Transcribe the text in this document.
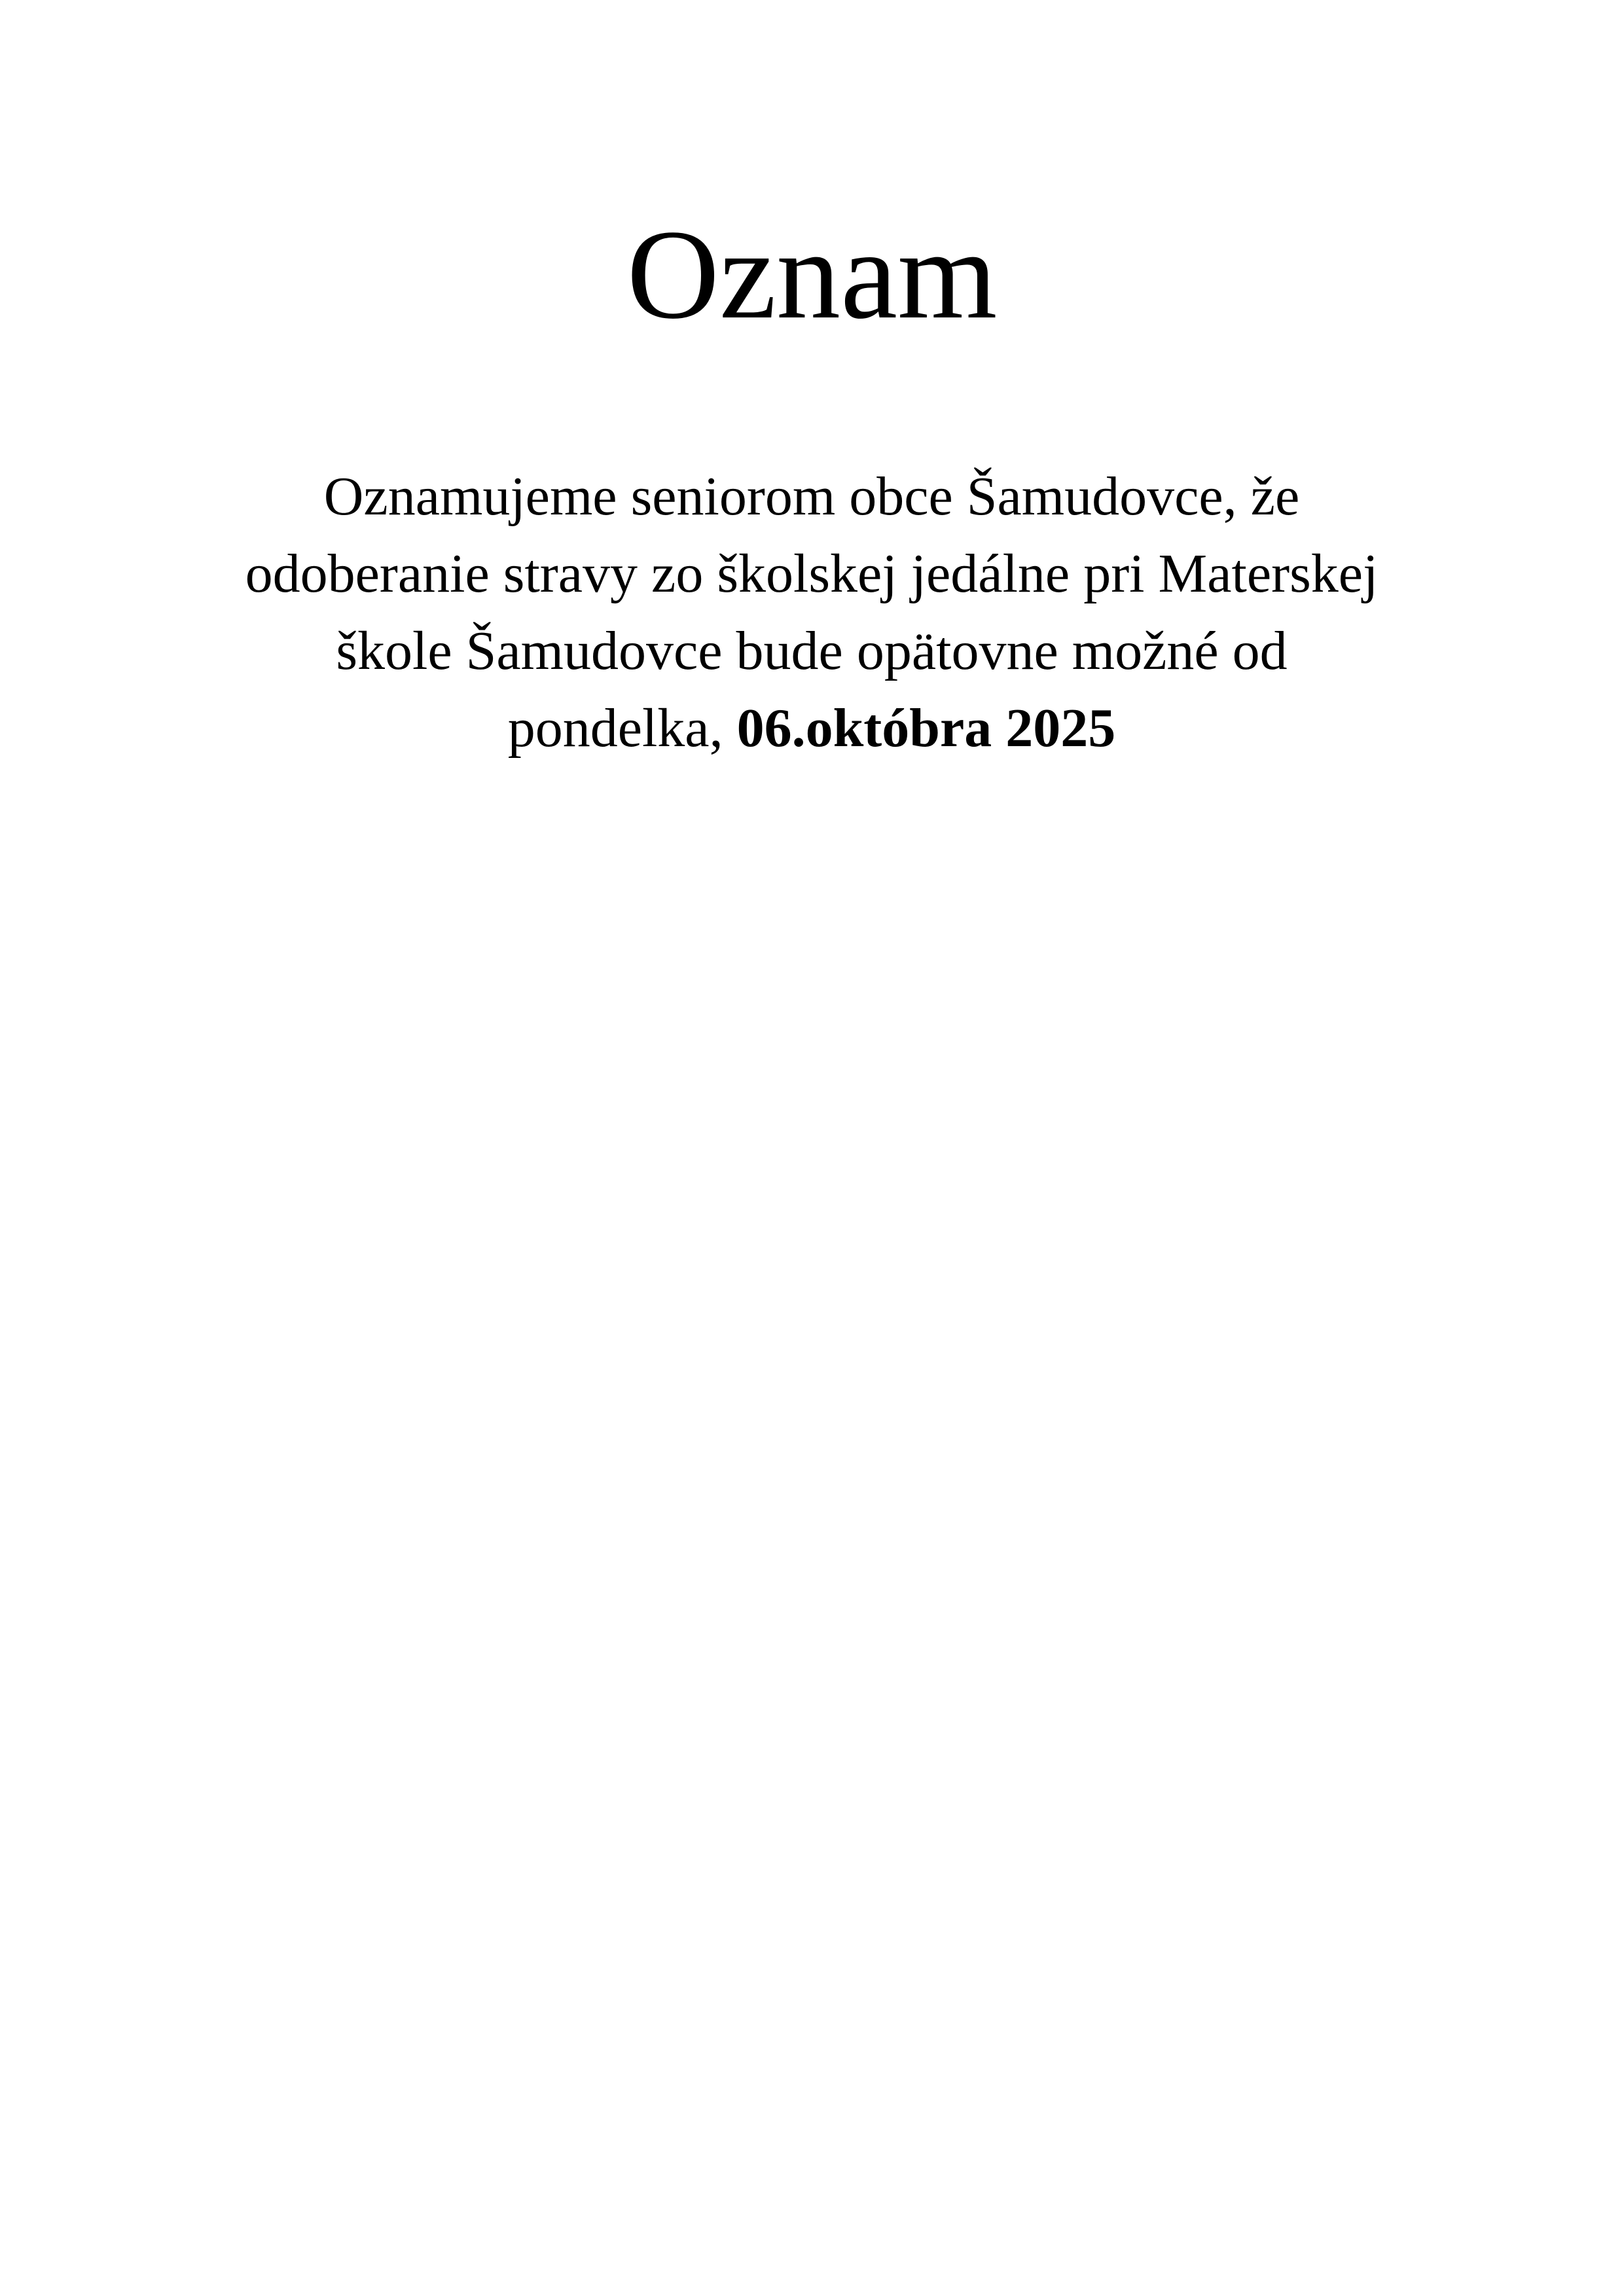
Oznam

Oznamujeme seniorom obce Šamudovce, že
odoberanie stravy zo školskej jedálne pri Materskej
škole Šamudovce bude opätovne možné od
pondelka, 06.októbra 2025
